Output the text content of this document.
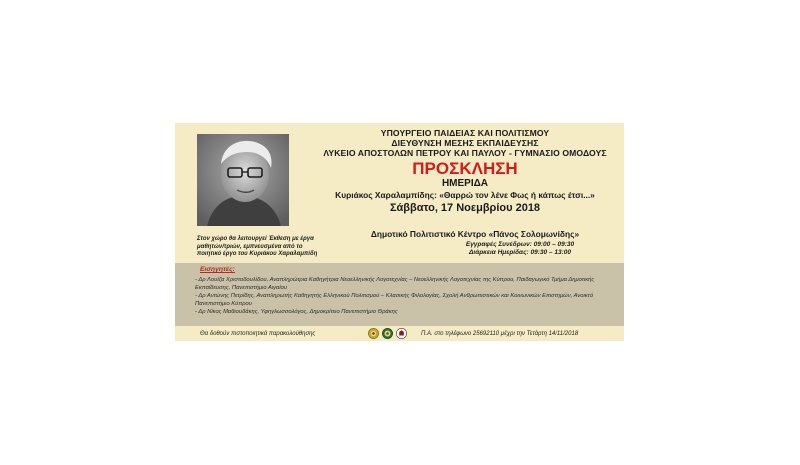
ΥΠΟΥΡΓΕΙΟ ΠΑΙΔΕΙΑΣ ΚΑΙ ΠΟΛΙΤΙΣΜΟΥ
ΔΙΕΥΘΥΝΣΗ ΜΕΣΗΣ ΕΚΠΑΙΔΕΥΣΗΣ
ΛΥΚΕΙΟ ΑΠΟΣΤΟΛΩΝ ΠΕΤΡΟΥ ΚΑΙ ΠΑΥΛΟΥ - ΓΥΜΝΑΣΙΟ ΟΜΟΔΟΥΣ
ΠΡΟΣΚΛΗΣΗ
ΗΜΕΡΙΔΑ
Κυριάκος Χαραλαμπίδης: «Θαρρώ τον λένε Φως ή κάπως έτσι...»
Σάββατο, 17 Νοεμβρίου 2018
Δημοτικό Πολιτιστικό Κέντρο «Πάνος Σολομωνίδης»
Εγγραφές Συνέδρων: 09:00 – 09:30
Διάρκεια Ημερίδας: 09:30 – 13:00
Στον χώρο θα λειτουργεί Έκθεση με έργα μαθητών/τριών, εμπνευσμένα από το ποιητικό έργο του Κυριάκου Χαραλαμπίδη
Εισηγητές:

- Δρ Λουίζα Χριστοδουλίδου, Αναπληρώτρια Καθηγήτρια Νεοελληνικής Λογοτεχνίας – Νεοελληνικής Λογοτεχνίας της Κύπρου, Παιδαγωγικό Τμήμα Δημοτικής Εκπαίδευσης, Πανεπιστήμιο Αιγαίου

- Δρ Αντώνης Πετρίδης, Αναπληρωτής Καθηγητής Ελληνικού Πολιτισμού – Κλασικής Φιλολογίας, Σχολή Ανθρωπιστικών και Κοινωνικών Επιστημών, Ανοικτό Πανεπιστήμιο Κύπρου

- Δρ Νίκος Μαθιουδάκης, Υφηγλωσσολόγος, Δημοκρίτειο Πανεπιστήμιο Θράκης

Θα δοθούν πιστοποιητικά παρακολούθησης	Π.Α. στο τηλέφωνο 25692110 μέχρι την Τετάρτη 14/11/2018
